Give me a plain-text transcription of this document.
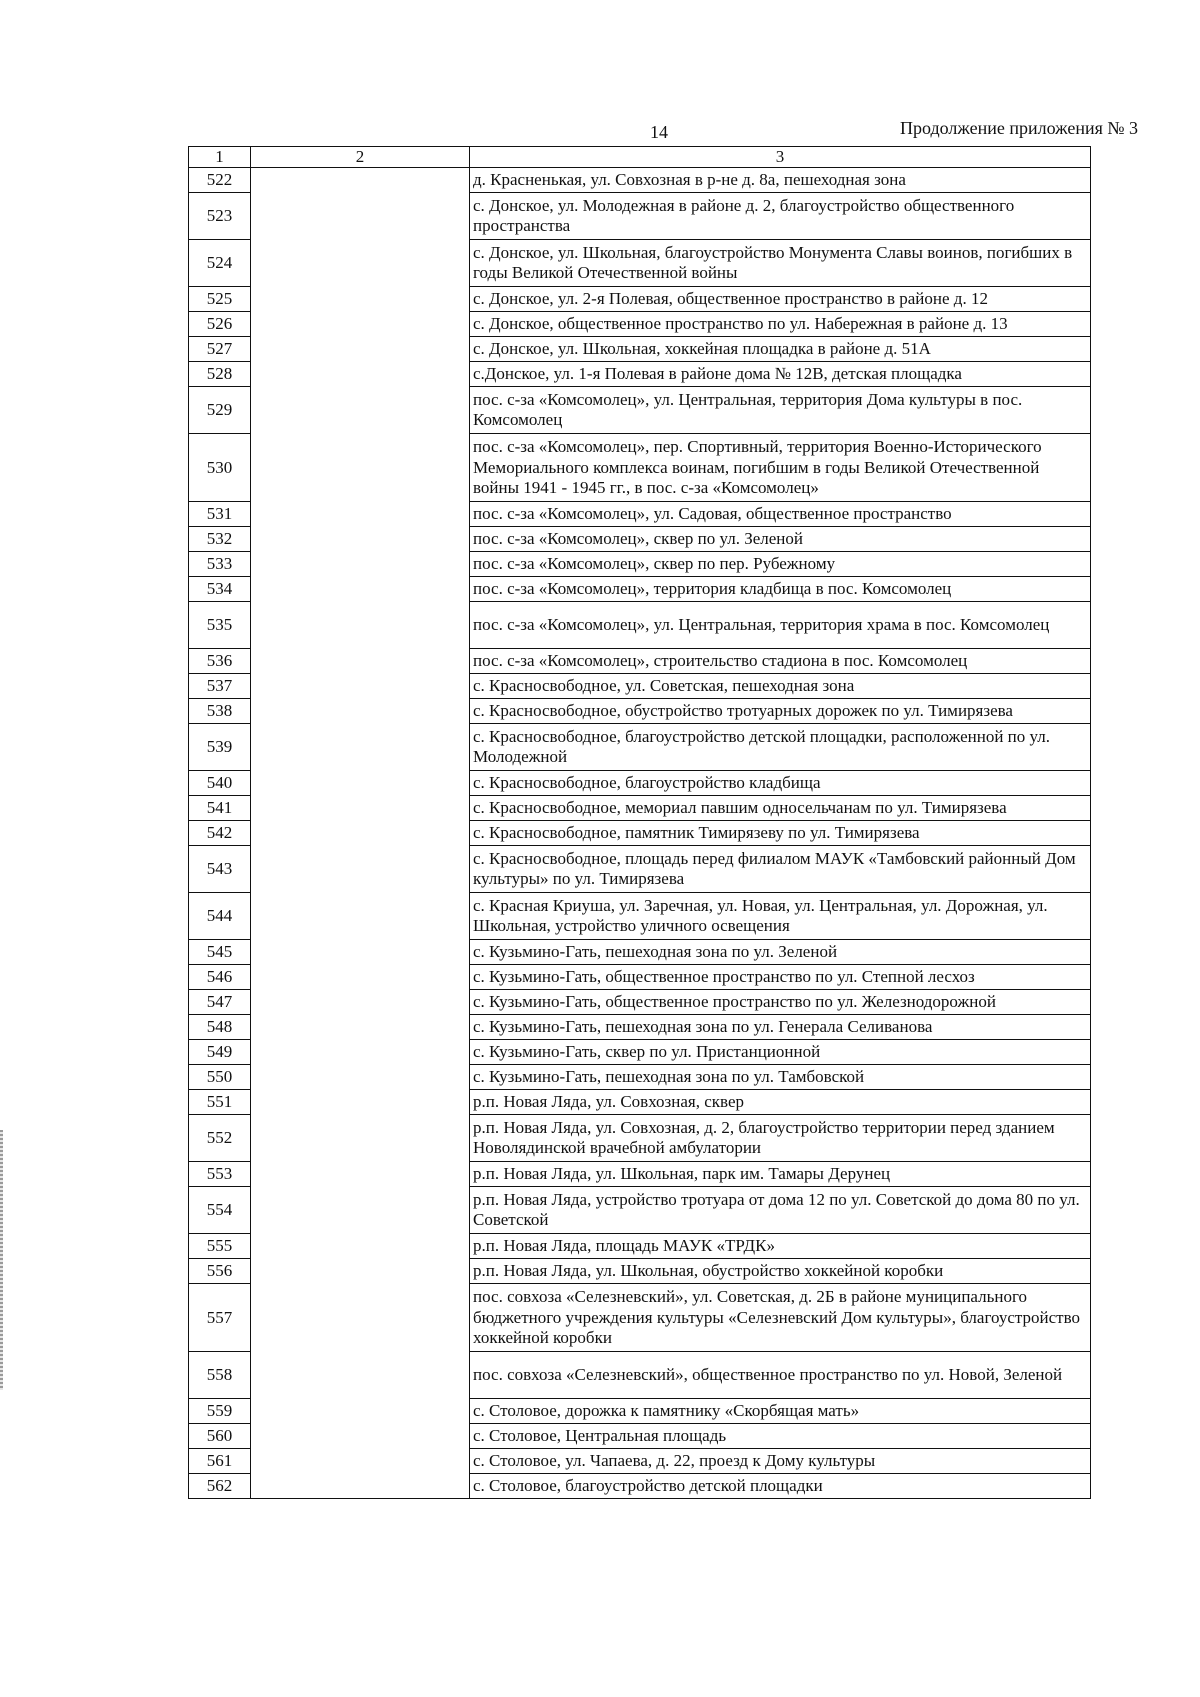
14	Продолжение приложения № 3
1	2	3
522		д. Красненькая, ул. Совхозная в р-не д. 8а, пешеходная зона
523		с. Донское, ул. Молодежная в районе д. 2, благоустройство общественного пространства
524		с. Донское, ул. Школьная, благоустройство Монумента Славы воинов, погибших в годы Великой Отечественной войны
525		с. Донское, ул. 2-я Полевая, общественное пространство в районе д. 12
526		с. Донское, общественное пространство по ул. Набережная в районе д. 13
527		с. Донское, ул. Школьная, хоккейная площадка в районе д. 51А
528		с.Донское, ул. 1-я Полевая в районе дома № 12В, детская площадка
529		пос. с-за «Комсомолец», ул. Центральная, территория Дома культуры в пос. Комсомолец
530		пос. с-за «Комсомолец», пер. Спортивный, территория Военно-Исторического Мемориального комплекса воинам, погибшим в годы Великой Отечественной войны 1941 - 1945 гг., в пос. с-за «Комсомолец»
531		пос. с-за «Комсомолец», ул. Садовая, общественное пространство
532		пос. с-за «Комсомолец», сквер по ул. Зеленой
533		пос. с-за «Комсомолец», сквер по пер. Рубежному
534		пос. с-за «Комсомолец», территория кладбища в пос. Комсомолец
535		пос. с-за «Комсомолец», ул. Центральная, территория храма в пос. Комсомолец
536		пос. с-за «Комсомолец», строительство стадиона в пос. Комсомолец
537		с. Красносвободное, ул. Советская, пешеходная зона
538		с. Красносвободное, обустройство тротуарных дорожек по ул. Тимирязева
539		с. Красносвободное, благоустройство детской площадки, расположенной по ул. Молодежной
540		с. Красносвободное, благоустройство кладбища
541		с. Красносвободное, мемориал павшим односельчанам по ул. Тимирязева
542		с. Красносвободное, памятник Тимирязеву по ул. Тимирязева
543		с. Красносвободное, площадь перед филиалом МАУК «Тамбовский районный Дом культуры» по ул. Тимирязева
544		с. Красная Криуша, ул. Заречная, ул. Новая, ул. Центральная, ул. Дорожная, ул. Школьная, устройство уличного освещения
545		с. Кузьмино-Гать, пешеходная зона по ул. Зеленой
546		с. Кузьмино-Гать, общественное пространство по ул. Степной лесхоз
547		с. Кузьмино-Гать, общественное пространство по ул. Железнодорожной
548		с. Кузьмино-Гать, пешеходная зона по ул. Генерала Селиванова
549		с. Кузьмино-Гать, сквер по ул. Пристанционной
550		с. Кузьмино-Гать, пешеходная зона по ул. Тамбовской
551		р.п. Новая Ляда, ул. Совхозная, сквер
552		р.п. Новая Ляда, ул. Совхозная, д. 2, благоустройство территории перед зданием Новолядинской врачебной амбулатории
553		р.п. Новая Ляда, ул. Школьная, парк им. Тамары Дерунец
554		р.п. Новая Ляда, устройство тротуара от дома 12 по ул. Советской до дома 80 по ул. Советской
555		р.п. Новая Ляда, площадь МАУК «ТРДК»
556		р.п. Новая Ляда, ул. Школьная, обустройство хоккейной коробки
557		пос. совхоза «Селезневский», ул. Советская, д. 2Б в районе муниципального бюджетного учреждения культуры «Селезневский Дом культуры», благоустройство хоккейной коробки
558		пос. совхоза «Селезневский», общественное пространство по ул. Новой, Зеленой
559		с. Столовое, дорожка к памятнику «Скорбящая мать»
560		с. Столовое, Центральная площадь
561		с. Столовое, ул. Чапаева, д. 22, проезд к Дому культуры
562		с. Столовое, благоустройство детской площадки
